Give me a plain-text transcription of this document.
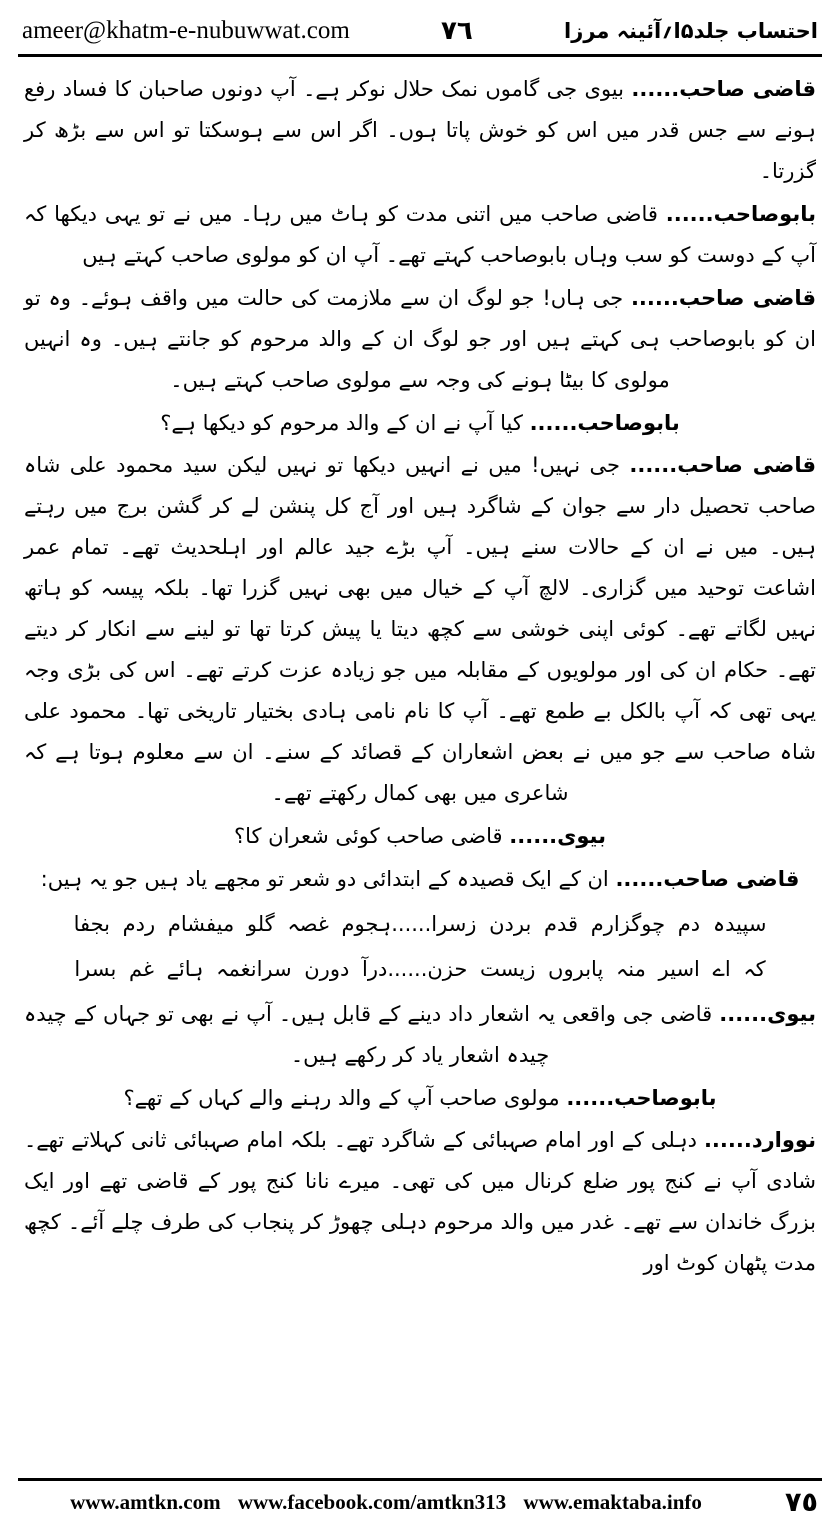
احتساب جلد۵ا؍آئینہ مرزا
٧٦
ameer@khatm-e-nubuwwat.com

قاضی صاحب...... بیوی جی گاموں نمک حلال نوکر ہے۔ آپ دونوں صاحبان کا فساد رفع ہونے سے جس قدر میں اس کو خوش پاتا ہوں۔ اگر اس سے ہوسکتا تو اس سے بڑھ کر گزرتا۔

بابوصاحب...... قاضی صاحب میں اتنی مدت کو ہاٹ میں رہا۔ میں نے تو یہی دیکھا کہ آپ کے دوست کو سب وہاں بابوصاحب کہتے تھے۔ آپ ان کو مولوی صاحب کہتے ہیں

قاضی صاحب...... جی ہاں! جو لوگ ان سے ملازمت کی حالت میں واقف ہوئے۔ وہ تو ان کو بابوصاحب ہی کہتے ہیں اور جو لوگ ان کے والد مرحوم کو جانتے ہیں۔ وہ انہیں مولوی کا بیٹا ہونے کی وجہ سے مولوی صاحب کہتے ہیں۔

بابوصاحب...... کیا آپ نے ان کے والد مرحوم کو دیکھا ہے؟

قاضی صاحب...... جی نہیں! میں نے انہیں دیکھا تو نہیں لیکن سید محمود علی شاہ صاحب تحصیل دار سے جوان کے شاگرد ہیں اور آج کل پنشن لے کر گشن برج میں رہتے ہیں۔ میں نے ان کے حالات سنے ہیں۔ آپ بڑے جید عالم اور اہلحدیث تھے۔ تمام عمر اشاعت توحید میں گزاری۔ لالچ آپ کے خیال میں بھی نہیں گزرا تھا۔ بلکہ پیسہ کو ہاتھ نہیں لگاتے تھے۔ کوئی اپنی خوشی سے کچھ دیتا یا پیش کرتا تھا تو لینے سے انکار کر دیتے تھے۔ حکام ان کی اور مولویوں کے مقابلہ میں جو زیادہ عزت کرتے تھے۔ اس کی بڑی وجہ یہی تھی کہ آپ بالکل بے طمع تھے۔ آپ کا نام نامی ہادی بختیار تاریخی تھا۔ محمود علی شاہ صاحب سے جو میں نے بعض اشعاران کے قصائد کے سنے۔ ان سے معلوم ہوتا ہے کہ شاعری میں بھی کمال رکھتے تھے۔

بیوی...... قاضی صاحب کوئی شعران کا؟

قاضی صاحب...... ان کے ایک قصیدہ کے ابتدائی دو شعر تو مجھے یاد ہیں جو یہ ہیں:

سپیدہ دم چوگزارم قدم بردن زسرا......ہجوم غصہ گلو میفشام ردم بجفا

کہ اے اسیر منہ پابروں زیست حزن......درآ دورن سرانغمہ ہائے غم بسرا

بیوی...... قاضی جی واقعی یہ اشعار داد دینے کے قابل ہیں۔ آپ نے بھی تو جہاں کے چیدہ چیدہ اشعار یاد کر رکھے ہیں۔

بابوصاحب...... مولوی صاحب آپ کے والد رہنے والے کہاں کے تھے؟

نووارد...... دہلی کے اور امام صہبائی کے شاگرد تھے۔ بلکہ امام صہبائی ثانی کہلاتے تھے۔ شادی آپ نے کنج پور ضلع کرنال میں کی تھی۔ میرے نانا کنج پور کے قاضی تھے اور ایک بزرگ خاندان سے تھے۔ غدر میں والد مرحوم دہلی چھوڑ کر پنجاب کی طرف چلے آئے۔ کچھ مدت پٹھان کوٹ اور

٧٥
www.amtkn.com www.facebook.com/amtkn313 www.emaktaba.info
